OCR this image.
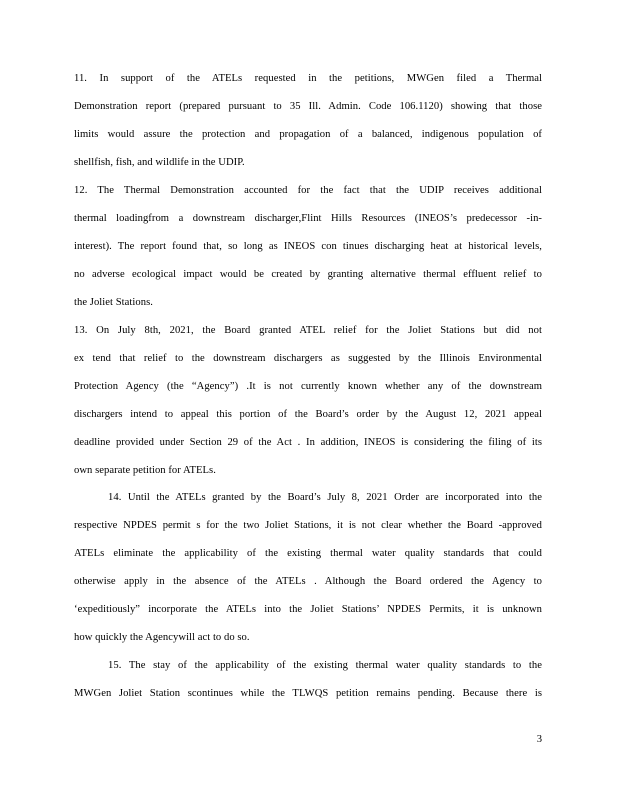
11. In support of the ATELs requested in the petitions, MWGen filed a Thermal
Demonstration report (prepared pursuant to 35 Ill. Admin. Code 106.1120) showing that those
limits would assure the protection and propagation of a balanced, indigenous population of
shellfish, fish, and wildlife in the UDIP.
12. The Thermal Demonstration accounted for the fact that the UDIP receives additional
thermal loadingfrom a downstream discharger,Flint Hills Resources (INEOS’s predecessor -in-
interest). The report found that, so long as INEOS con tinues discharging heat at historical levels,
no adverse ecological impact would be created by granting alternative thermal effluent relief to
the Joliet Stations.
13. On July 8th, 2021, the Board granted ATEL relief for the Joliet Stations but did not
ex tend that relief to the downstream dischargers as suggested by the Illinois Environmental
Protection Agency (the “Agency”) .It is not currently known whether any of the downstream
dischargers intend to appeal this portion of the Board’s order by the August 12, 2021 appeal
deadline provided under Section 29 of the Act . In addition, INEOS is considering the filing of its
own separate petition for ATELs.
14. Until the ATELs granted by the Board’s July 8, 2021 Order are incorporated into the
respective NPDES permit s for the two Joliet Stations, it is not clear whether the Board -approved
ATELs eliminate the applicability of the existing thermal water quality standards that could
otherwise apply in the absence of the ATELs . Although the Board ordered the Agency to
‘expeditiously” incorporate the ATELs into the Joliet Stations’ NPDES Permits, it is unknown
how quickly the Agencywill act to do so.
15. The stay of the applicability of the existing thermal water quality standards to the
MWGen Joliet Station scontinues while the TLWQS petition remains pending. Because there is
3
